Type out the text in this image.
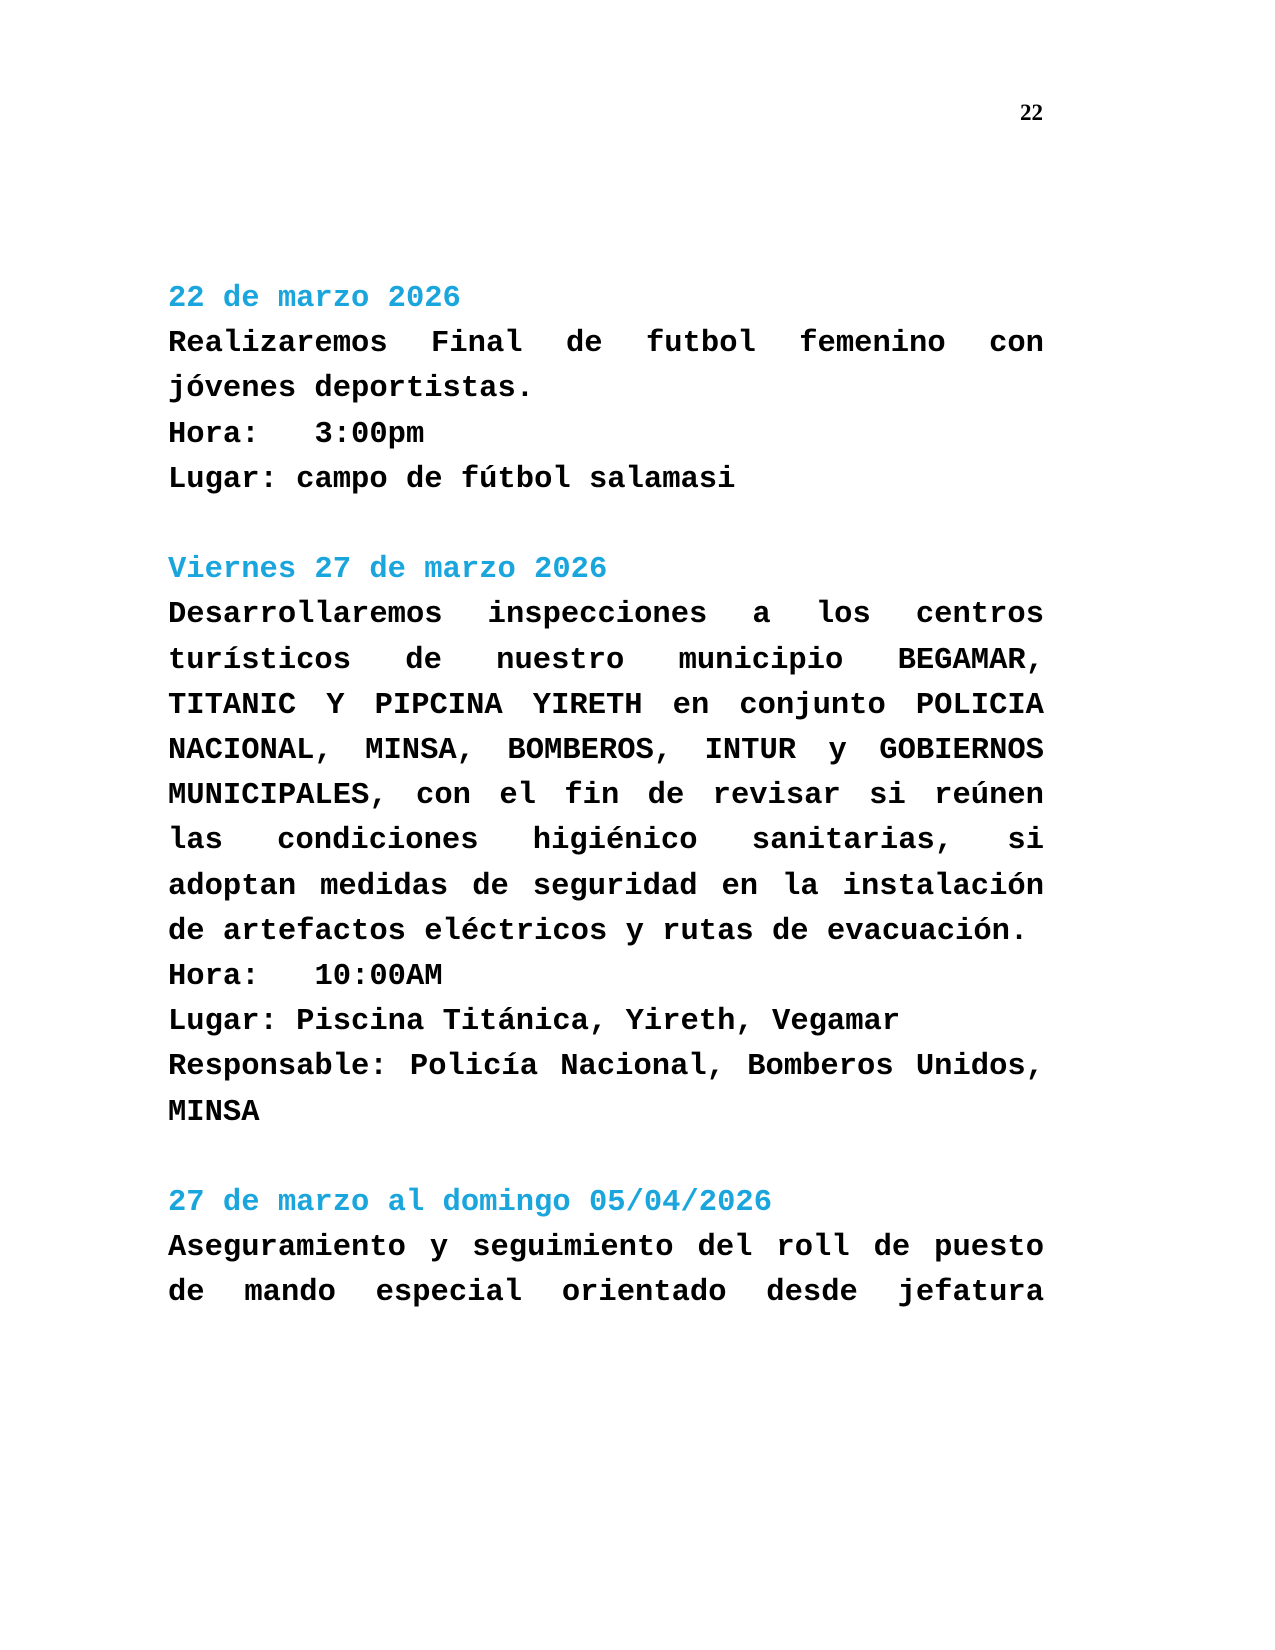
22
22 de marzo 2026
Realizaremos Final de futbol femenino con jóvenes deportistas.
Hora: 3:00pm
Lugar: campo de fútbol salamasi
Viernes 27 de marzo 2026
Desarrollaremos inspecciones a los centros turísticos de nuestro municipio BEGAMAR, TITANIC Y PIPCINA YIRETH en conjunto POLICIA NACIONAL, MINSA, BOMBEROS, INTUR y GOBIERNOS MUNICIPALES, con el fin de revisar si reúnen las condiciones higiénico sanitarias, si adoptan medidas de seguridad en la instalación de artefactos eléctricos y rutas de evacuación.
Hora: 10:00AM
Lugar: Piscina Titánica, Yireth, Vegamar
Responsable: Policía Nacional, Bomberos Unidos, MINSA
27 de marzo al domingo 05/04/2026
Aseguramiento y seguimiento del roll de puesto de mando especial orientado desde jefatura
